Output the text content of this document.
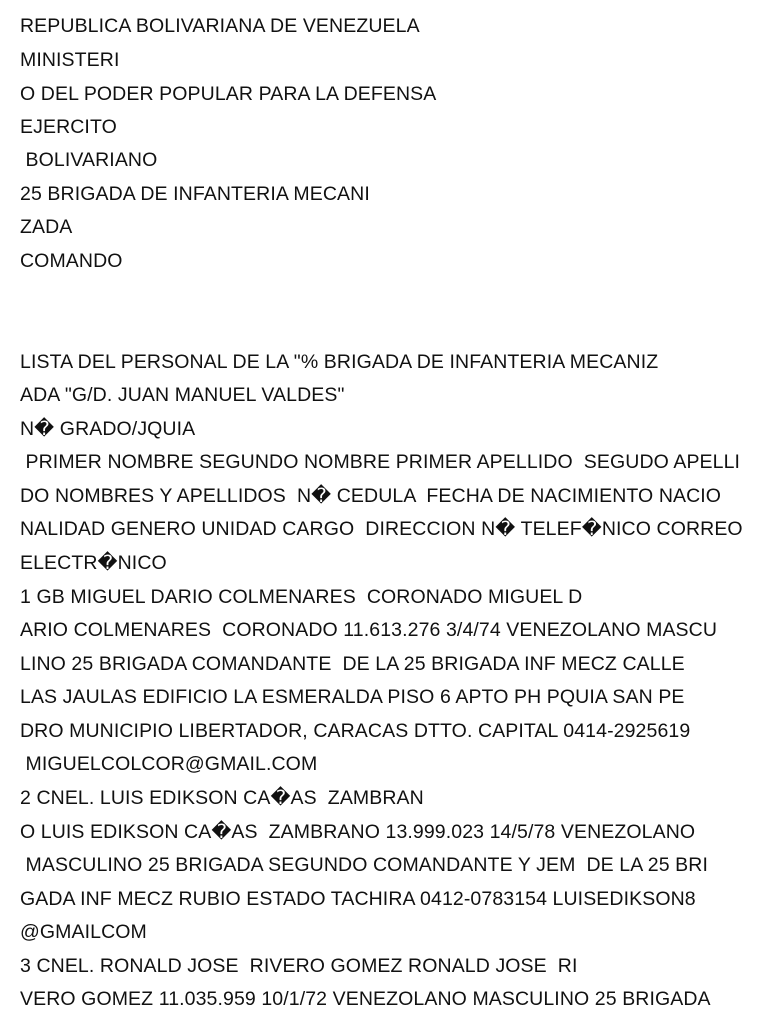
REPUBLICA BOLIVARIANA DE VENEZUELA
MINISTERI
O DEL PODER POPULAR PARA LA DEFENSA
EJERCITO
BOLIVARIANO
25 BRIGADA DE INFANTERIA MECANI
ZADA
COMANDO
LISTA DEL PERSONAL DE LA "% BRIGADA DE INFANTERIA MECANIZ
ADA "G/D. JUAN MANUEL VALDES"
N� GRADO/JQUIA
PRIMER NOMBRE SEGUNDO NOMBRE PRIMER APELLIDO  SEGUDO APELLI
DO NOMBRES Y APELLIDOS  N� CEDULA  FECHA DE NACIMIENTO NACIO
NALIDAD GENERO UNIDAD CARGO  DIRECCION N� TELEF�NICO CORREO
ELECTR�NICO
1 GB MIGUEL DARIO COLMENARES  CORONADO MIGUEL D
ARIO COLMENARES  CORONADO 11.613.276 3/4/74 VENEZOLANO MASCU
LINO 25 BRIGADA COMANDANTE  DE LA 25 BRIGADA INF MECZ CALLE
LAS JAULAS EDIFICIO LA ESMERALDA PISO 6 APTO PH PQUIA SAN PE
DRO MUNICIPIO LIBERTADOR, CARACAS DTTO. CAPITAL 0414-2925619
MIGUELCOLCOR@GMAIL.COM
2 CNEL. LUIS EDIKSON CA�AS  ZAMBRAN
O LUIS EDIKSON CA�AS  ZAMBRANO 13.999.023 14/5/78 VENEZOLANO
MASCULINO 25 BRIGADA SEGUNDO COMANDANTE Y JEM  DE LA 25 BRI
GADA INF MECZ RUBIO ESTADO TACHIRA 0412-0783154 LUISEDIKSON8
@GMAILCOM
3 CNEL. RONALD JOSE  RIVERO GOMEZ RONALD JOSE  RI
VERO GOMEZ 11.035.959 10/1/72 VENEZOLANO MASCULINO 25 BRIGADA
